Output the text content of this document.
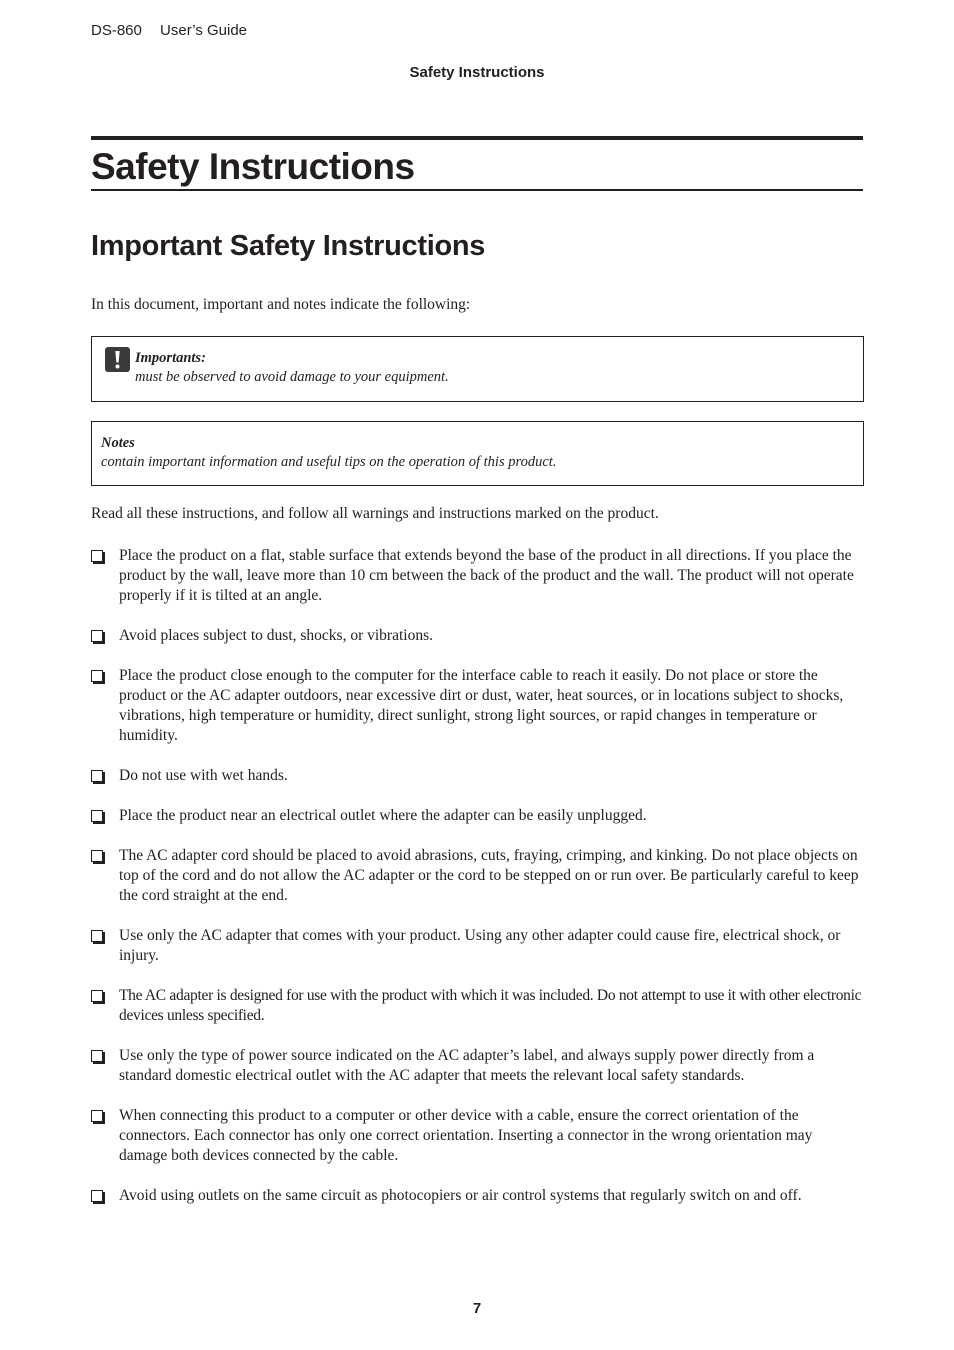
DS-860 User’s Guide
Safety Instructions
Safety Instructions
Important Safety Instructions
In this document, important and notes indicate the following:
Importants:
must be observed to avoid damage to your equipment.
Notes
contain important information and useful tips on the operation of this product.
Read all these instructions, and follow all warnings and instructions marked on the product.
Place the product on a flat, stable surface that extends beyond the base of the product in all directions. If you place the product by the wall, leave more than 10 cm between the back of the product and the wall. The product will not operate properly if it is tilted at an angle.
Avoid places subject to dust, shocks, or vibrations.
Place the product close enough to the computer for the interface cable to reach it easily. Do not place or store the product or the AC adapter outdoors, near excessive dirt or dust, water, heat sources, or in locations subject to shocks, vibrations, high temperature or humidity, direct sunlight, strong light sources, or rapid changes in temperature or humidity.
Do not use with wet hands.
Place the product near an electrical outlet where the adapter can be easily unplugged.
The AC adapter cord should be placed to avoid abrasions, cuts, fraying, crimping, and kinking. Do not place objects on top of the cord and do not allow the AC adapter or the cord to be stepped on or run over. Be particularly careful to keep the cord straight at the end.
Use only the AC adapter that comes with your product. Using any other adapter could cause fire, electrical shock, or injury.
The AC adapter is designed for use with the product with which it was included. Do not attempt to use it with other electronic devices unless specified.
Use only the type of power source indicated on the AC adapter’s label, and always supply power directly from a standard domestic electrical outlet with the AC adapter that meets the relevant local safety standards.
When connecting this product to a computer or other device with a cable, ensure the correct orientation of the connectors. Each connector has only one correct orientation. Inserting a connector in the wrong orientation may damage both devices connected by the cable.
Avoid using outlets on the same circuit as photocopiers or air control systems that regularly switch on and off.
7
